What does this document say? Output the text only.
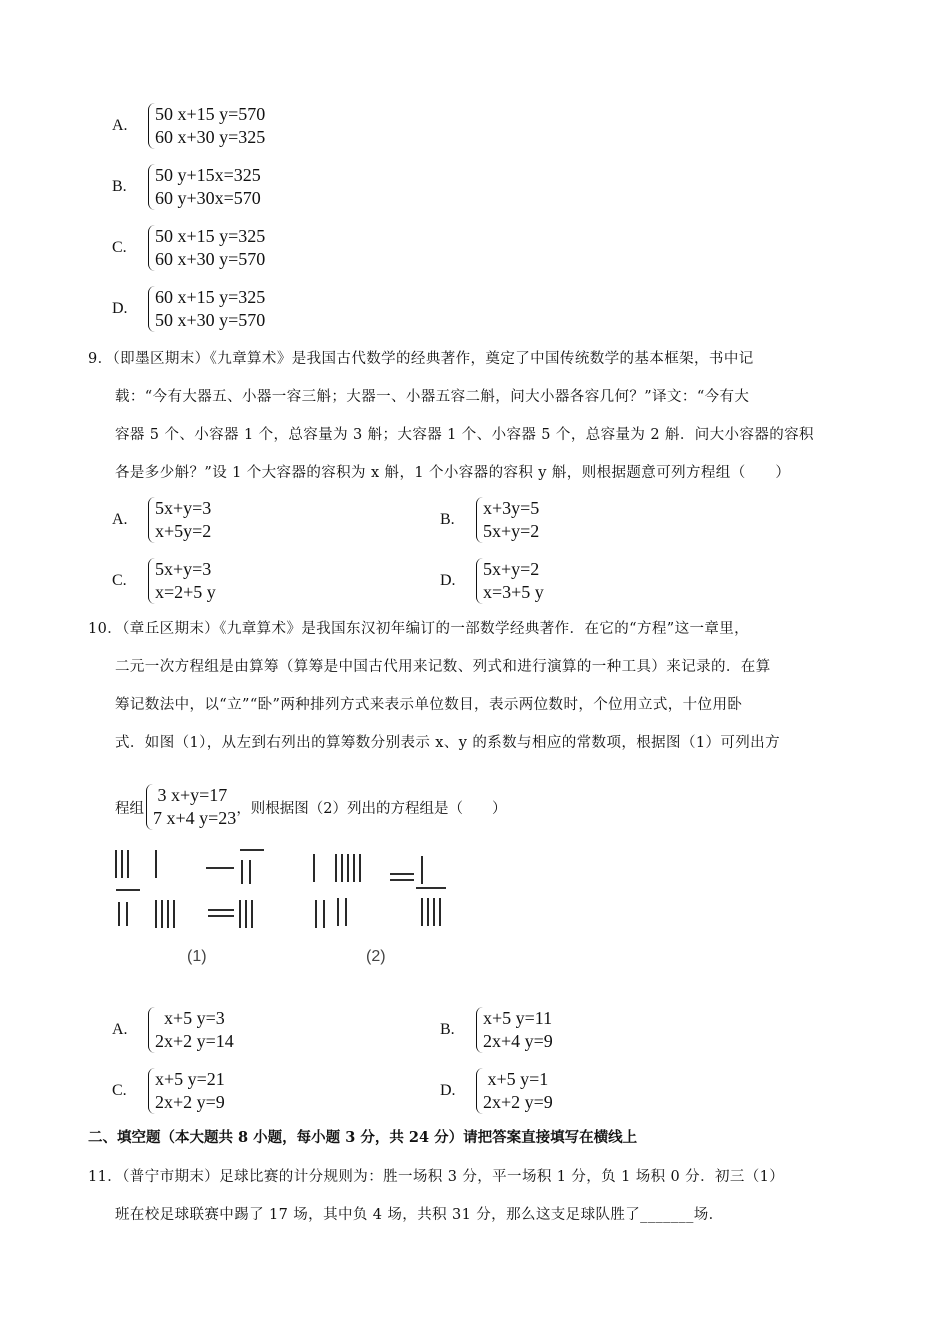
A.
50 x+15 y=570
60 x+30 y=325
B.
50 y+15x=325
60 y+30x=570
C.
50 x+15 y=325
60 x+30 y=570
D.
60 x+15 y=325
50 x+30 y=570
9．（即墨区期末）《九章算术》是我国古代数学的经典著作，奠定了中国传统数学的基本框架，书中记
载：“今有大器五、小器一容三斛；大器一、小器五容二斛，问大小器各容几何？”译文：“今有大
容器 5 个、小容器 1 个，总容量为 3 斛；大容器 1 个、小容器 5 个，总容量为 2 斛．问大小容器的容积
各是多少斛？”设 1 个大容器的容积为 x 斛，1 个小容器的容积 y 斛，则根据题意可列方程组（　　）
A.
5x+y=3
x+5y=2
B.
x+3y=5
5x+y=2
C.
5x+y=3
x=2+5 y
D.
5x+y=2
x=3+5 y
10．（章丘区期末）《九章算术》是我国东汉初年编订的一部数学经典著作．在它的“方程”这一章里，
二元一次方程组是由算筹（算筹是中国古代用来记数、列式和进行演算的一种工具）来记录的．在算
筹记数法中，以“立”“卧”两种排列方式来表示单位数目，表示两位数时，个位用立式，十位用卧
式．如图（1），从左到右列出的算筹数分别表示 x、y 的系数与相应的常数项，根据图（1）可列出方
程组
3 x+y=17
7 x+4 y=23 ，则根据图（2）列出的方程组是（　　）
(1)	(2)
A.
x+5 y=3
2x+2 y=14
B.
x+5 y=11
2x+4 y=9
C.
x+5 y=21
2x+2 y=9
D.
x+5 y=1
2x+2 y=9
二、填空题（本大题共 8 小题，每小题 3 分，共 24 分）请把答案直接填写在横线上
11．（普宁市期末）足球比赛的计分规则为：胜一场积 3 分，平一场积 1 分，负 1 场积 0 分．初三（1）
班在校足球联赛中踢了 17 场，其中负 4 场，共积 31 分，那么这支足球队胜了_______场．
